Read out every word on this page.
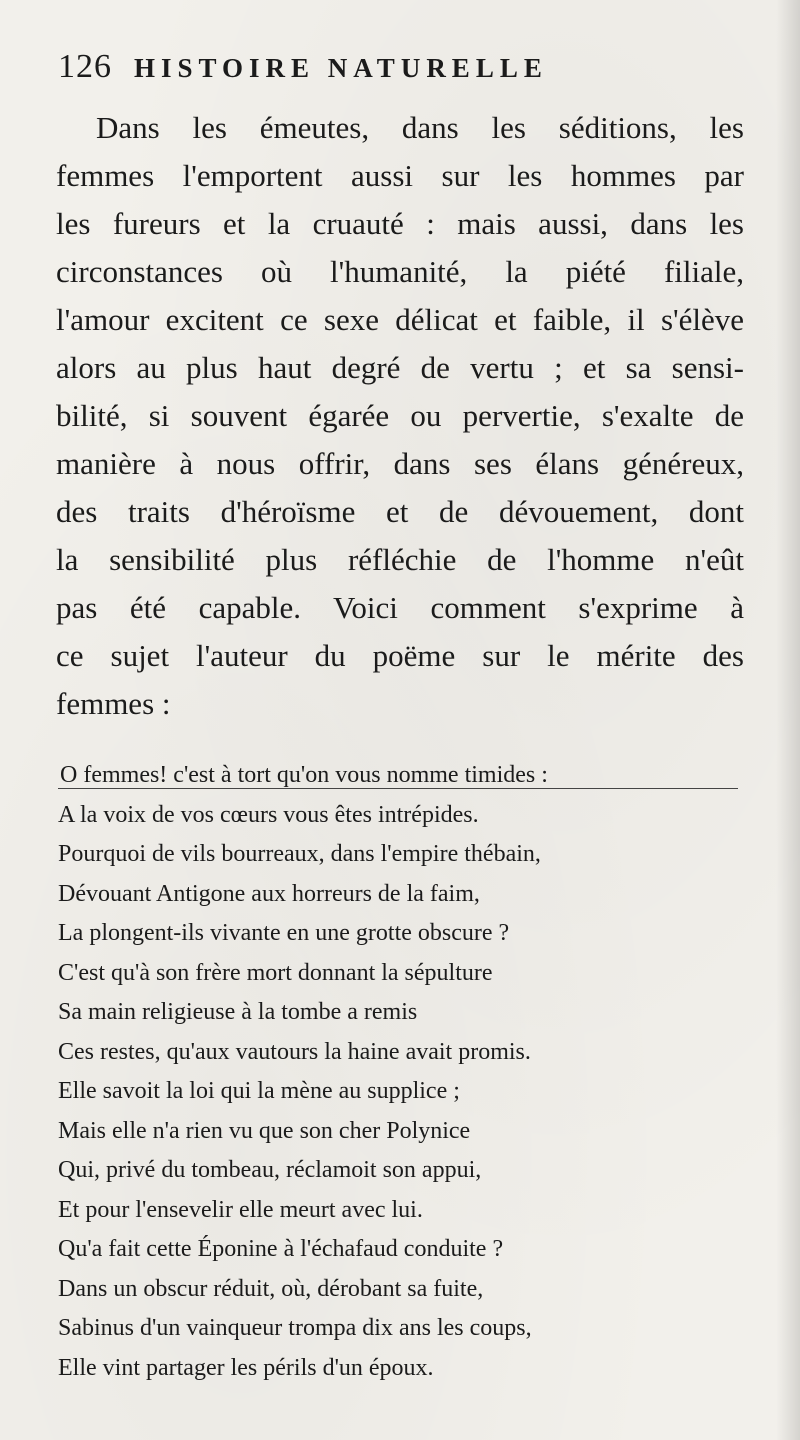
126 HISTOIRE NATURELLE
Dans les émeutes, dans les séditions, les
femmes l'emportent aussi sur les hommes par
les fureurs et la cruauté : mais aussi, dans les
circonstances où l'humanité, la piété filiale,
l'amour excitent ce sexe délicat et faible, il s'élève
alors au plus haut degré de vertu ; et sa sensi-
bilité, si souvent égarée ou pervertie, s'exalte de
manière à nous offrir, dans ses élans généreux,
des traits d'héroïsme et de dévouement, dont
la sensibilité plus réfléchie de l'homme n'eût
pas été capable. Voici comment s'exprime à
ce sujet l'auteur du poëme sur le mérite des
femmes :
O femmes! c'est à tort qu'on vous nomme timides :
A la voix de vos cœurs vous êtes intrépides.
Pourquoi de vils bourreaux, dans l'empire thébain,
Dévouant Antigone aux horreurs de la faim,
La plongent-ils vivante en une grotte obscure ?
C'est qu'à son frère mort donnant la sépulture
Sa main religieuse à la tombe a remis
Ces restes, qu'aux vautours la haine avait promis.
Elle savoit la loi qui la mène au supplice ;
Mais elle n'a rien vu que son cher Polynice
Qui, privé du tombeau, réclamoit son appui,
Et pour l'ensevelir elle meurt avec lui.
Qu'a fait cette Éponine à l'échafaud conduite ?
Dans un obscur réduit, où, dérobant sa fuite,
Sabinus d'un vainqueur trompa dix ans les coups,
Elle vint partager les périls d'un époux.
